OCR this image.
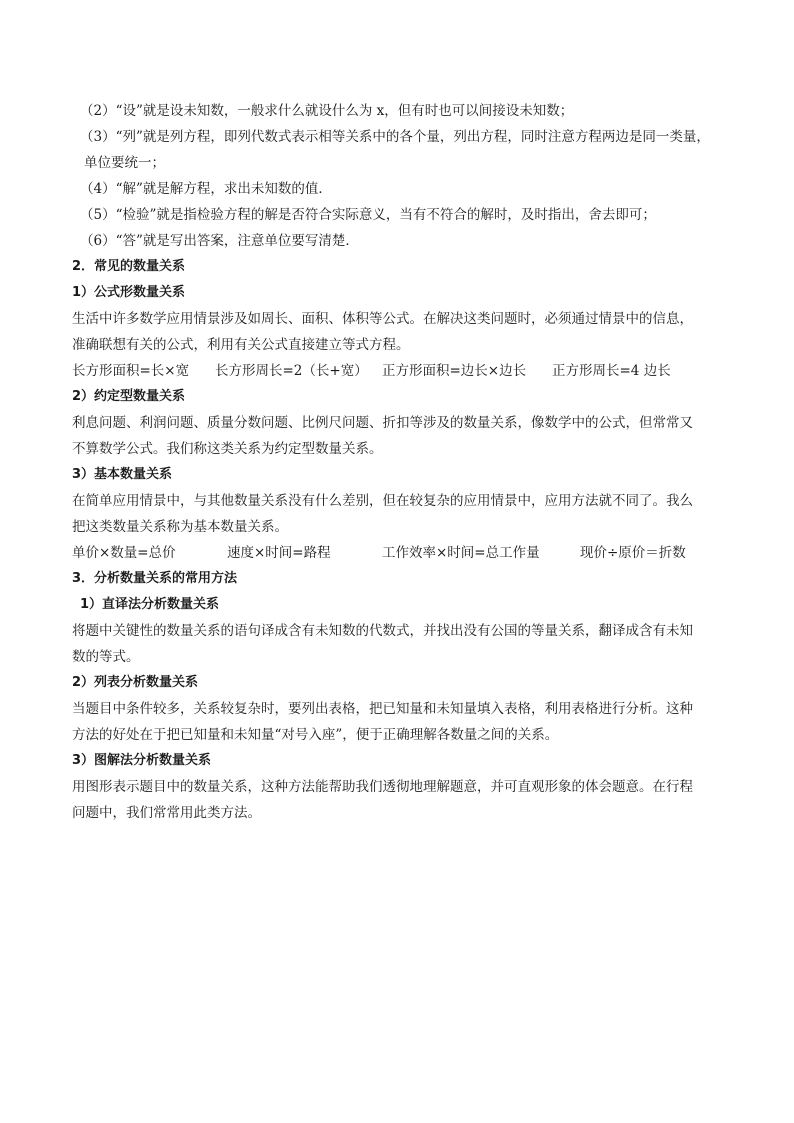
（2）“设”就是设未知数，一般求什么就设什么为 x，但有时也可以间接设未知数；
（3）“列”就是列方程，即列代数式表示相等关系中的各个量，列出方程，同时注意方程两边是同一类量，
单位要统一；
（4）“解”就是解方程，求出未知数的值．
（5）“检验”就是指检验方程的解是否符合实际意义，当有不符合的解时，及时指出，舍去即可；
（6）“答”就是写出答案，注意单位要写清楚．
2．常见的数量关系
1）公式形数量关系
生活中许多数学应用情景涉及如周长、面积、体积等公式。在解决这类问题时，必须通过情景中的信息，
准确联想有关的公式，利用有关公式直接建立等式方程。
长方形面积=长×宽	长方形周长=2（长+宽）	正方形面积=边长×边长	正方形周长=4 边长
2）约定型数量关系
利息问题、利润问题、质量分数问题、比例尺问题、折扣等涉及的数量关系，像数学中的公式，但常常又
不算数学公式。我们称这类关系为约定型数量关系。
3）基本数量关系
在简单应用情景中，与其他数量关系没有什么差别，但在较复杂的应用情景中，应用方法就不同了。我么
把这类数量关系称为基本数量关系。
单价×数量=总价	速度×时间=路程	工作效率×时间=总工作量	现价÷原价＝折数
3．分析数量关系的常用方法
1）直译法分析数量关系
将题中关键性的数量关系的语句译成含有未知数的代数式，并找出没有公国的等量关系，翻译成含有未知
数的等式。
2）列表分析数量关系
当题目中条件较多，关系较复杂时，要列出表格，把已知量和未知量填入表格，利用表格进行分析。这种
方法的好处在于把已知量和未知量“对号入座”，便于正确理解各数量之间的关系。
3）图解法分析数量关系
用图形表示题目中的数量关系，这种方法能帮助我们透彻地理解题意，并可直观形象的体会题意。在行程
问题中，我们常常用此类方法。
